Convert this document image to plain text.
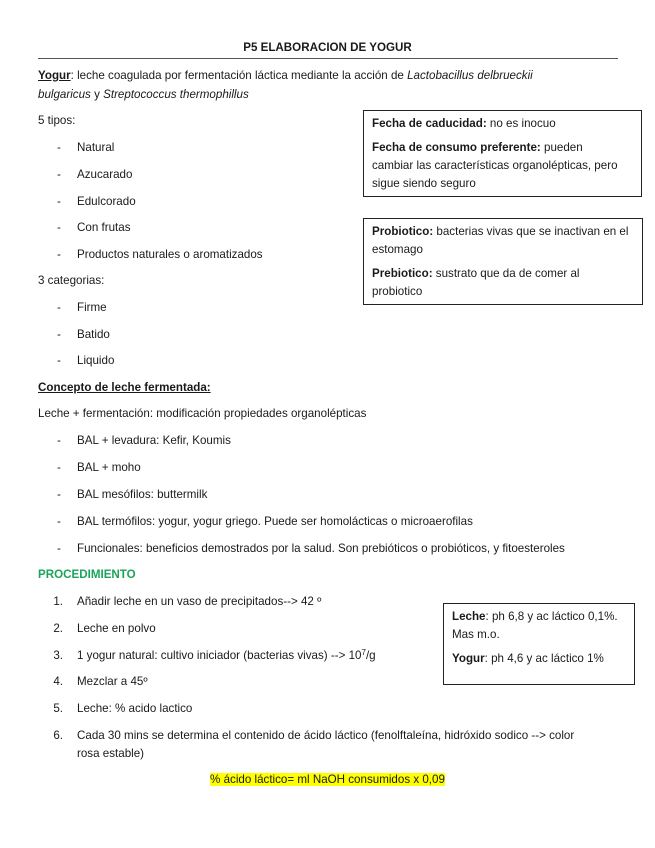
P5 ELABORACION DE YOGUR
Yogur: leche coagulada por fermentación láctica mediante la acción de Lactobacillus delbrueckii
bulgaricus y Streptococcus thermophillus
5 tipos:
- Natural
- Azucarado
- Edulcorado
- Con frutas
- Productos naturales o aromatizados
3 categorias:
- Firme
- Batido
- Liquido

Fecha de caducidad: no es inocuo

Fecha de consumo preferente: pueden cambiar las características organolépticas, pero sigue siendo seguro

Probiotico: bacterias vivas que se inactivan en el estomago

Prebiotico: sustrato que da de comer al probiotico

Concepto de leche fermentada:
Leche + fermentación: modificación propiedades organolépticas
- BAL + levadura: Kefir, Koumis
- BAL + moho
- BAL mesófilos: buttermilk
- BAL termófilos: yogur, yogur griego. Puede ser homolácticas o microaerofilas
- Funcionales: beneficios demostrados por la salud. Son prebióticos o probióticos, y fitoesteroles
PROCEDIMIENTO
1. Añadir leche en un vaso de precipitados--> 42 º
2. Leche en polvo
3. 1 yogur natural: cultivo iniciador (bacterias vivas) --> $10^7/g$
4. Mezclar a 45º
5. Leche: % acido lactico
6. Cada 30 mins se determina el contenido de ácido láctico (fenolftaleína, hidróxido sodico --> color
rosa estable)
% ácido láctico= ml NaOH consumidos x 0,09

Leche: ph 6,8 y ac láctico 0,1%. Mas m.o.

Yogur: ph 4,6 y ac láctico 1%
